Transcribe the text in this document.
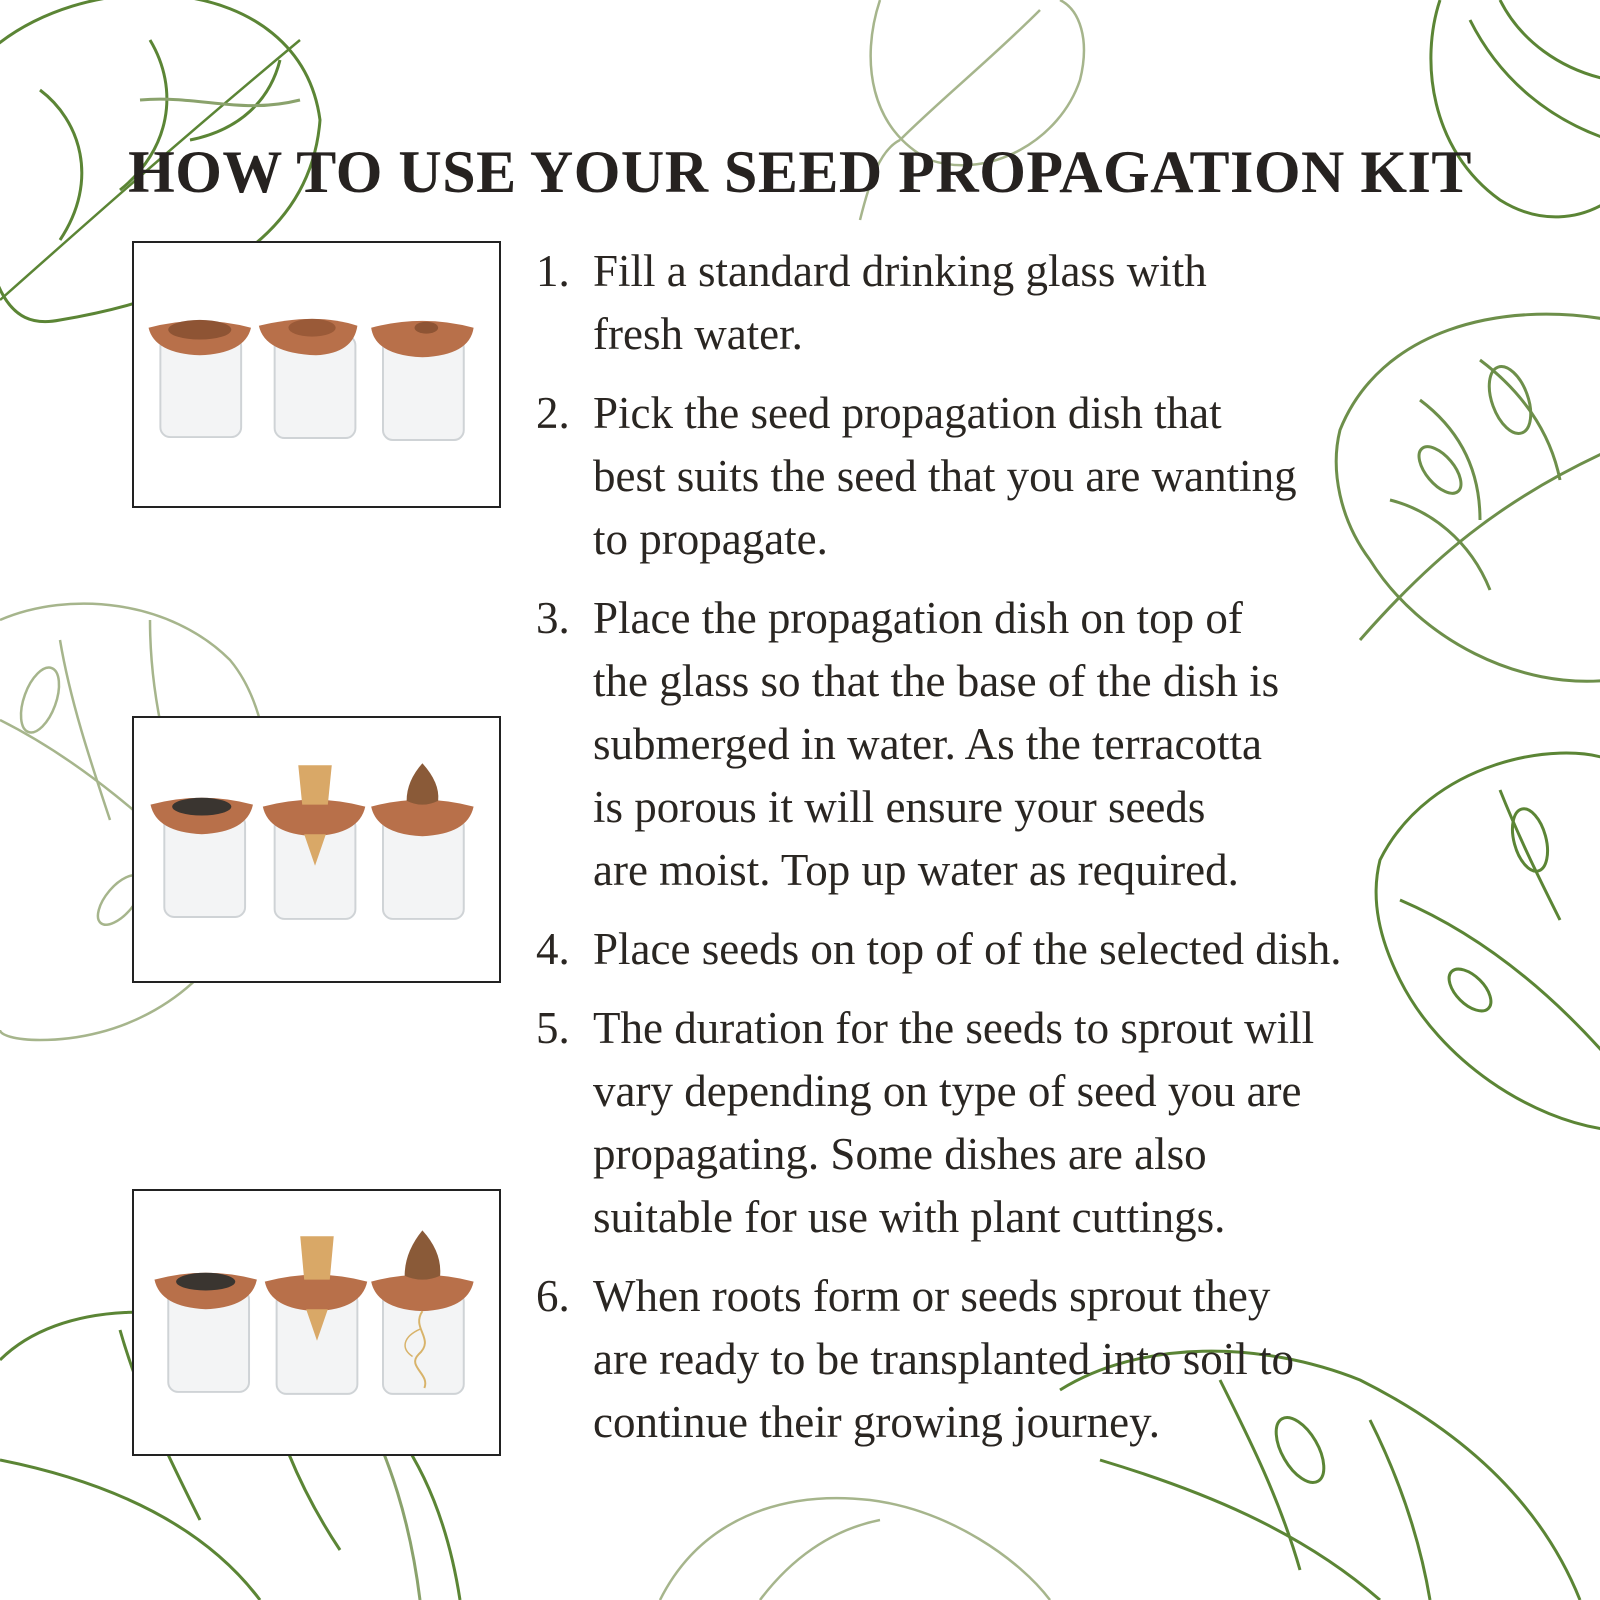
HOW TO USE YOUR SEED PROPAGATION KIT
1. Fill a standard drinking glass with
fresh water.
2. Pick the seed propagation dish that
best suits the seed that you are wanting
to propagate.
3. Place the propagation dish on top of
the glass so that the base of the dish is
submerged in water. As the terracotta
is porous it will ensure your seeds
are moist. Top up water as required.
4. Place seeds on top of of the selected dish.
5. The duration for the seeds to sprout will
vary depending on type of seed you are
propagating. Some dishes are also
suitable for use with plant cuttings.
6. When roots form or seeds sprout they
are ready to be transplanted into soil to
continue their growing journey.
